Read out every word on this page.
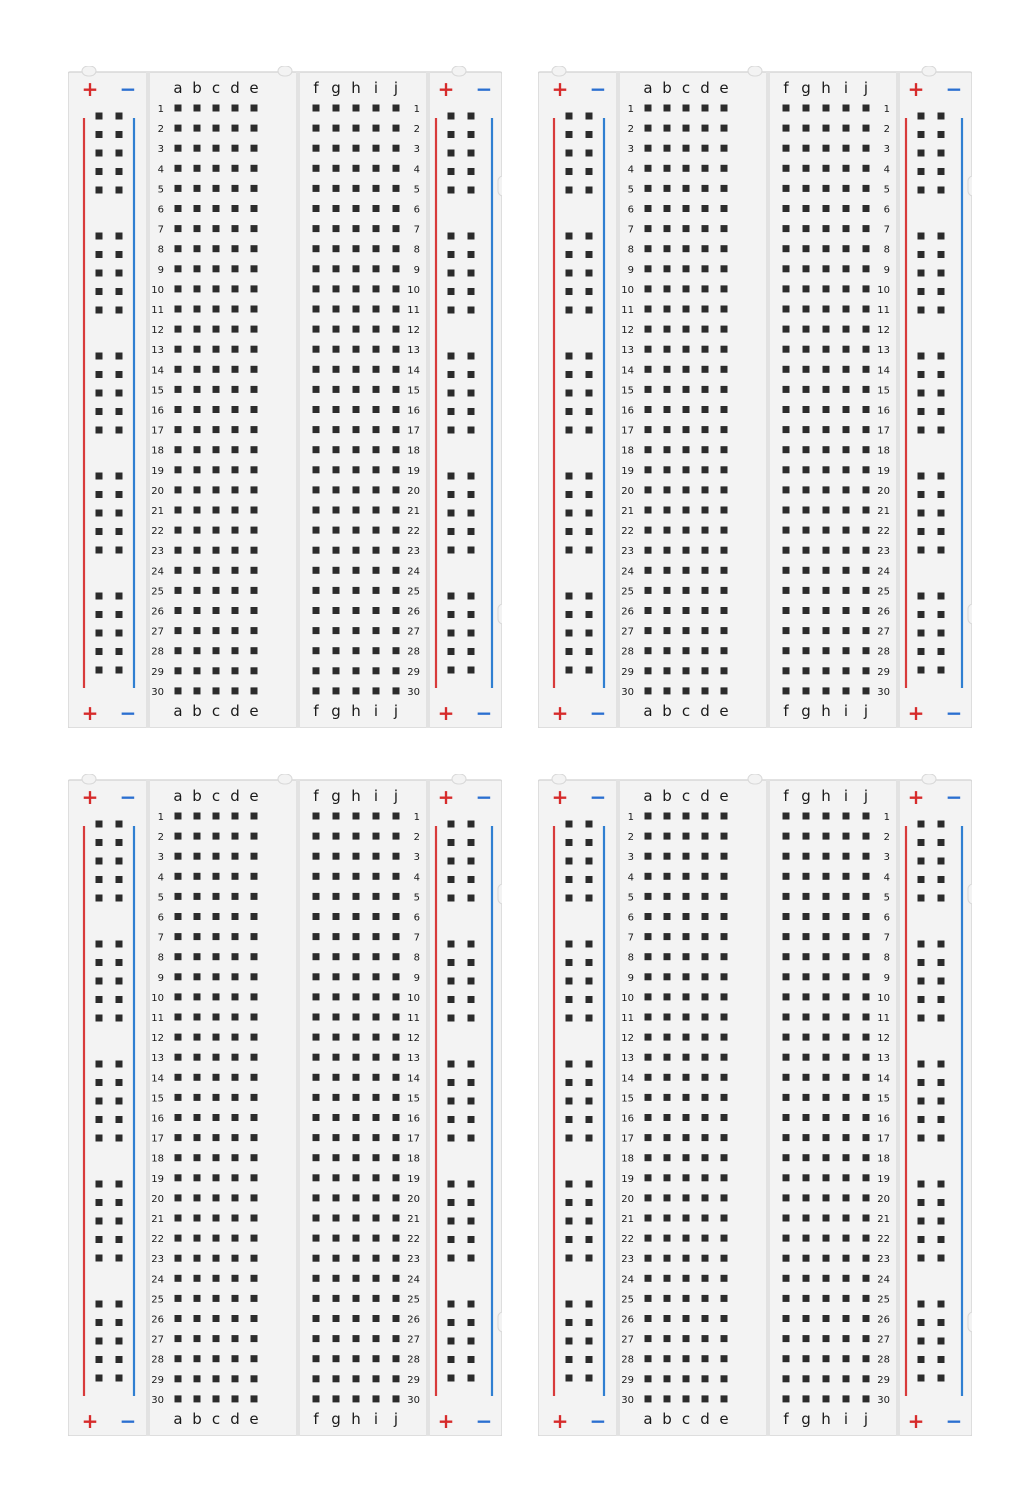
1	1
2	2
3	3
4	4
5	5
6	6
7	7
8	8
9	9
10	10
11	11
12	12
13	13
14	14
15	15
16	16
17	17
18	18
19	19
20	20
21	21
22	22
23	23
24	24
25	25
26	26
27	27
28	28
29	29
30	30
a
a
b
b
c
c
d
d
e
e
f
f
g
g
h
h
i
i
j
j
+ −
+ −
+ −
+ −
1	1
2	2
3	3
4	4
5	5
6	6
7	7
8	8
9	9
10	10
11	11
12	12
13	13
14	14
15	15
16	16
17	17
18	18
19	19
20	20
21	21
22	22
23	23
24	24
25	25
26	26
27	27
28	28
29	29
30	30
a
a
b
b
c
c
d
d
e
e
f
f
g
g
h
h
i
i
j
j
+ −
+ −
+ −
+ −
1	1
2	2
3	3
4	4
5	5
6	6
7	7
8	8
9	9
10	10
11	11
12	12
13	13
14	14
15	15
16	16
17	17
18	18
19	19
20	20
21	21
22	22
23	23
24	24
25	25
26	26
27	27
28	28
29	29
30	30
a
a
b
b
c
c
d
d
e
e
f
f
g
g
h
h
i
i
j
j
+ −
+ −
+ −
+ −
1	1
2	2
3	3
4	4
5	5
6	6
7	7
8	8
9	9
10	10
11	11
12	12
13	13
14	14
15	15
16	16
17	17
18	18
19	19
20	20
21	21
22	22
23	23
24	24
25	25
26	26
27	27
28	28
29	29
30	30
a
a
b
b
c
c
d
d
e
e
f
f
g
g
h
h
i
i
j
j
+ −
+ −
+ −
+ −
